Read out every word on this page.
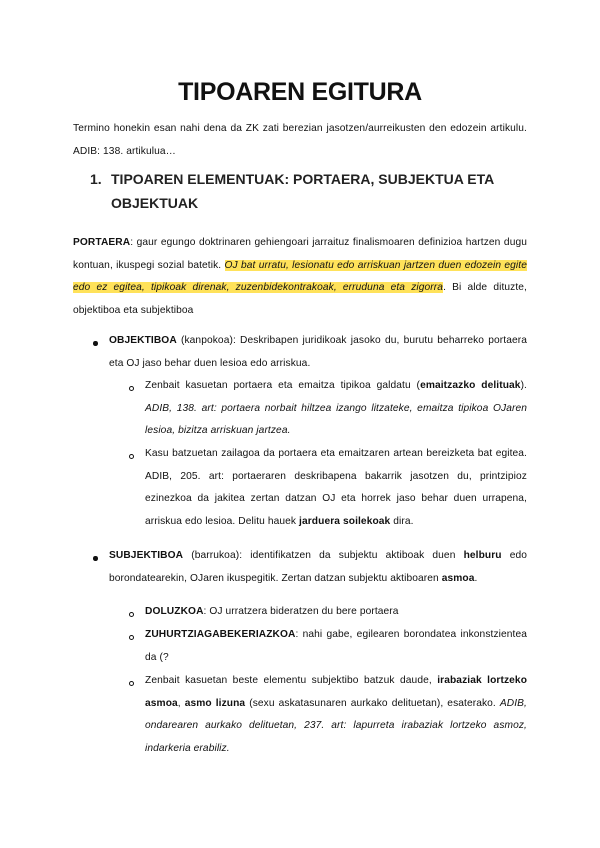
TIPOAREN EGITURA
Termino honekin esan nahi dena da ZK zati berezian jasotzen/aurreikusten den edozein artikulu. ADIB: 138. artikulua…
1. TIPOAREN ELEMENTUAK: PORTAERA, SUBJEKTUA ETA OBJEKTUAK
PORTAERA: gaur egungo doktrinaren gehiengoari jarraituz finalismoaren definizioa hartzen dugu kontuan, ikuspegi sozial batetik. OJ bat urratu, lesionatu edo arriskuan jartzen duen edozein egite edo ez egitea, tipikoak direnak, zuzenbidekontrakoak, erruduna eta zigorra. Bi alde dituzte, objektiboa eta subjektiboa
OBJEKTIBOA (kanpokoa): Deskribapen juridikoak jasoko du, burutu beharreko portaera eta OJ jaso behar duen lesioa edo arriskua.
Zenbait kasuetan portaera eta emaitza tipikoa galdatu (emaitzazko delituak). ADIB, 138. art: portaera norbait hiltzea izango litzateke, emaitza tipikoa OJaren lesioa, bizitza arriskuan jartzea.
Kasu batzuetan zailagoa da portaera eta emaitzaren artean bereizketa bat egitea. ADIB, 205. art: portaeraren deskribapena bakarrik jasotzen du, printzipioz ezinezkoa da jakitea zertan datzan OJ eta horrek jaso behar duen urrapena, arriskua edo lesioa. Delitu hauek jarduera soilekoak dira.
SUBJEKTIBOA (barrukoa): identifikatzen da subjektu aktiboak duen helburu edo borondatearekin, OJaren ikuspegitik. Zertan datzan subjektu aktiboaren asmoa.
DOLUZKOA: OJ urratzera bideratzen du bere portaera
ZUHURTZIAGABEKERIAZKOA: nahi gabe, egilearen borondatea inkonstzientea da (?
Zenbait kasuetan beste elementu subjektibo batzuk daude, irabaziak lortzeko asmoa, asmo lizuna (sexu askatasunaren aurkako delituetan), esaterako. ADIB, ondarearen aurkako delituetan, 237. art: lapurreta irabaziak lortzeko asmoz, indarkeria erabiliz.
